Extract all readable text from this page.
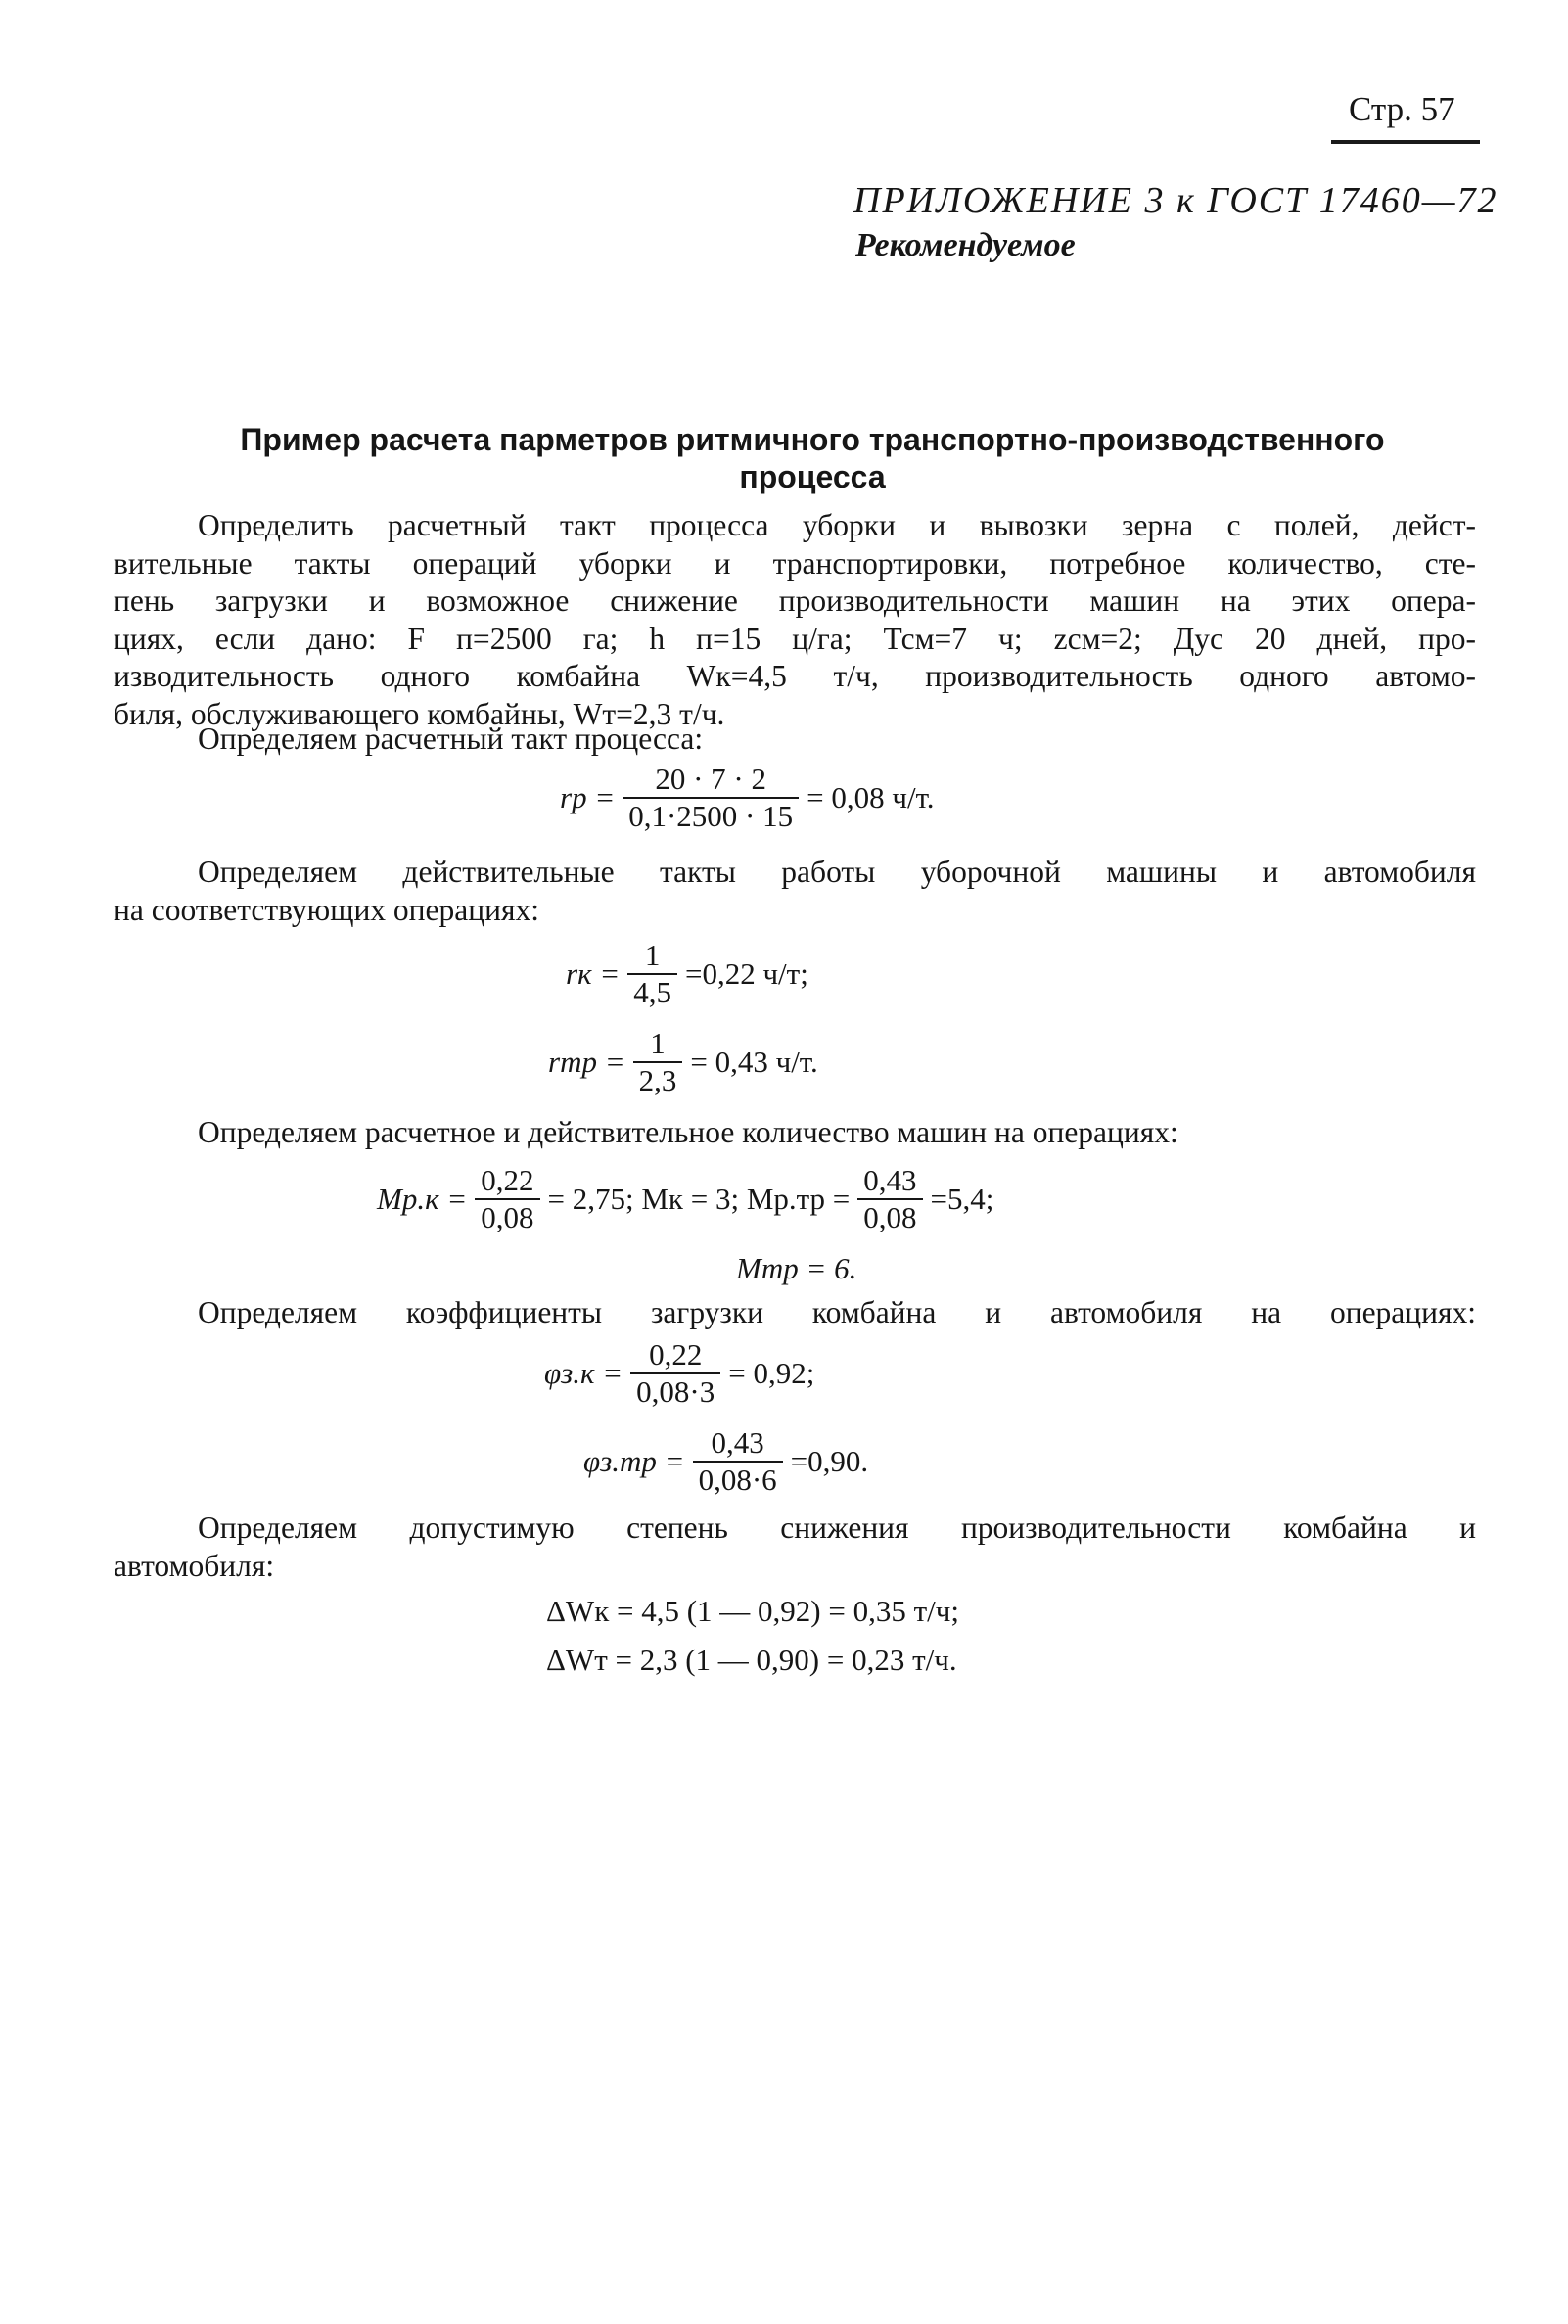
Стр. 57
ПРИЛОЖЕНИЕ 3 к ГОСТ 17460—72
Рекомендуемое
Пример расчета парметров ритмичного транспортно-производственного процесса
Определить расчетный такт процесса уборки и вывозки зерна с полей, дейст-
вительные такты операций уборки и транспортировки, потребное количество, сте-
пень загрузки и возможное снижение производительности машин на этих опера-
циях, если дано: F п=2500 га; h п=15 ц/га; Тсм=7 ч; zсм=2; Дус 20 дней, про-
изводительность одного комбайна Wк=4,5 т/ч, производительность одного автомо-
биля, обслуживающего комбайны, Wт=2,3 т/ч.
Определяем расчетный такт процесса:
rр = $\frac{20 \cdot 7 \cdot 2}{0,1\cdot 2500 \cdot 15} = 0,08$ ч/т.
Определяем действительные такты работы уборочной машины и автомобиля
на соответствующих операциях:
rк = $\frac{1}{4,5} =0,22$ ч/т;
rтр = $\frac{1}{2,3} = 0,43$ ч/т.
Определяем расчетное и действительное количество машин на операциях:
$Mр.к = \frac{0,22}{0,08} = 2,75$; Mк = 3; $Mр.тр = \frac{0,43}{0,08} =5,4$;
Mтр = 6.
Определяем коэффициенты загрузки комбайна и автомобиля на операциях:
$\varphi з.к = \frac{0,22}{0,08\cdot 3} = 0,92$;
$\varphi з.тр = \frac{0,43}{0,08\cdot 6} =0,90$.
Определяем допустимую степень снижения производительности комбайна и
автомобиля:
ΔWк = 4,5 (1 — 0,92) = 0,35 т/ч;
ΔWт = 2,3 (1 — 0,90) = 0,23 т/ч.
